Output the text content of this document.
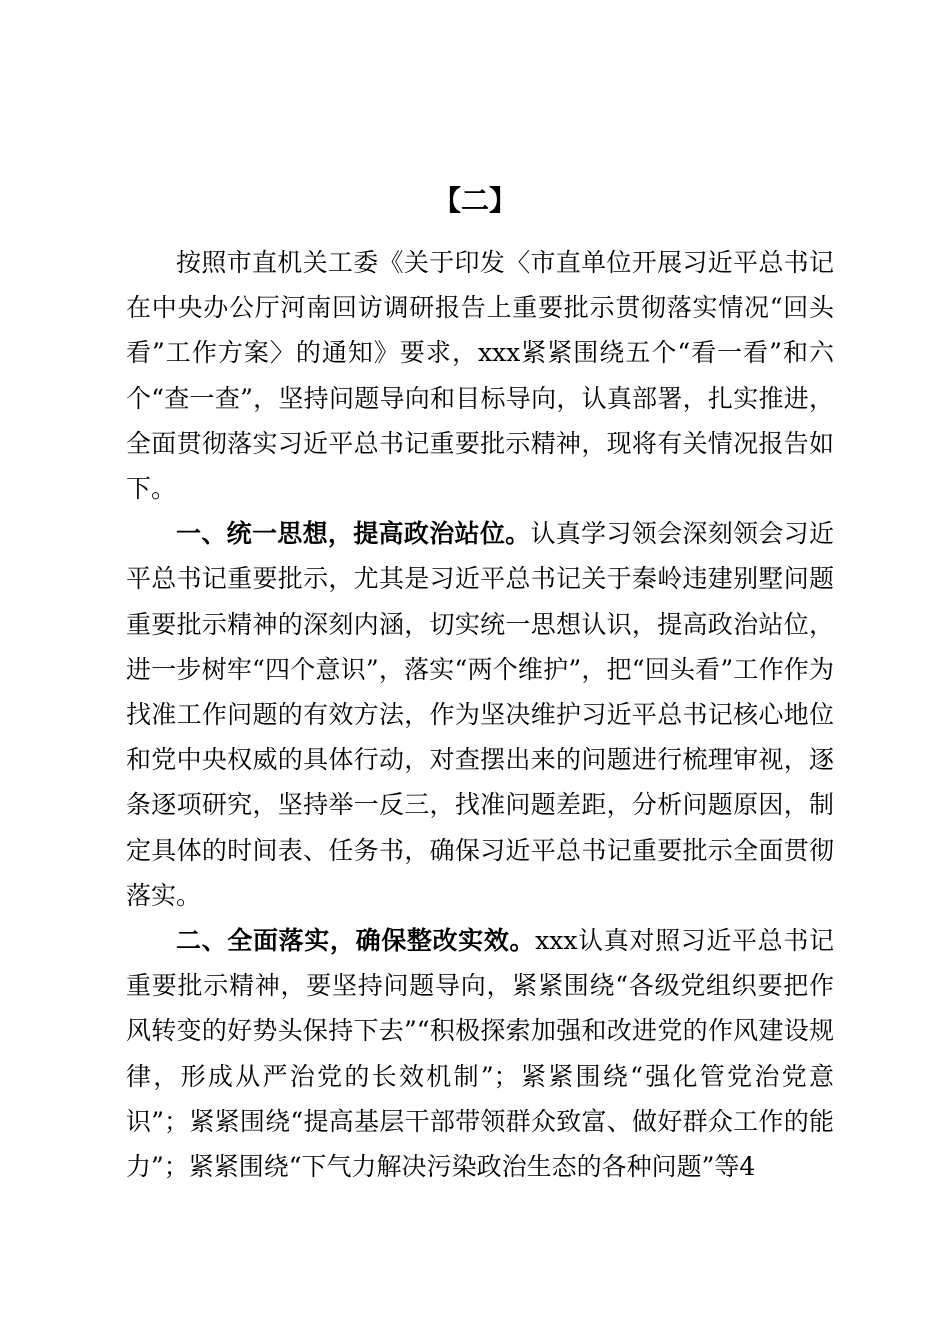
【二】

按照市直机关工委《关于印发〈市直单位开展习近平总书记在中央办公厅河南回访调研报告上重要批示贯彻落实情况“回头看”工作方案〉的通知》要求，xxx紧紧围绕五个“看一看”和六个“查一查”，坚持问题导向和目标导向，认真部署，扎实推进，全面贯彻落实习近平总书记重要批示精神，现将有关情况报告如下。

一、统一思想，提高政治站位。认真学习领会深刻领会习近平总书记重要批示，尤其是习近平总书记关于秦岭违建别墅问题重要批示精神的深刻内涵，切实统一思想认识，提高政治站位，进一步树牢“四个意识”，落实“两个维护”，把“回头看”工作作为找准工作问题的有效方法，作为坚决维护习近平总书记核心地位和党中央权威的具体行动，对查摆出来的问题进行梳理审视，逐条逐项研究，坚持举一反三，找准问题差距，分析问题原因，制定具体的时间表、任务书，确保习近平总书记重要批示全面贯彻落实。

二、全面落实，确保整改实效。xxx认真对照习近平总书记重要批示精神，要坚持问题导向，紧紧围绕“各级党组织要把作风转变的好势头保持下去”“积极探索加强和改进党的作风建设规律，形成从严治党的长效机制”；紧紧围绕“强化管党治党意识”；紧紧围绕“提高基层干部带领群众致富、做好群众工作的能力”；紧紧围绕“下气力解决污染政治生态的各种问题”等4
